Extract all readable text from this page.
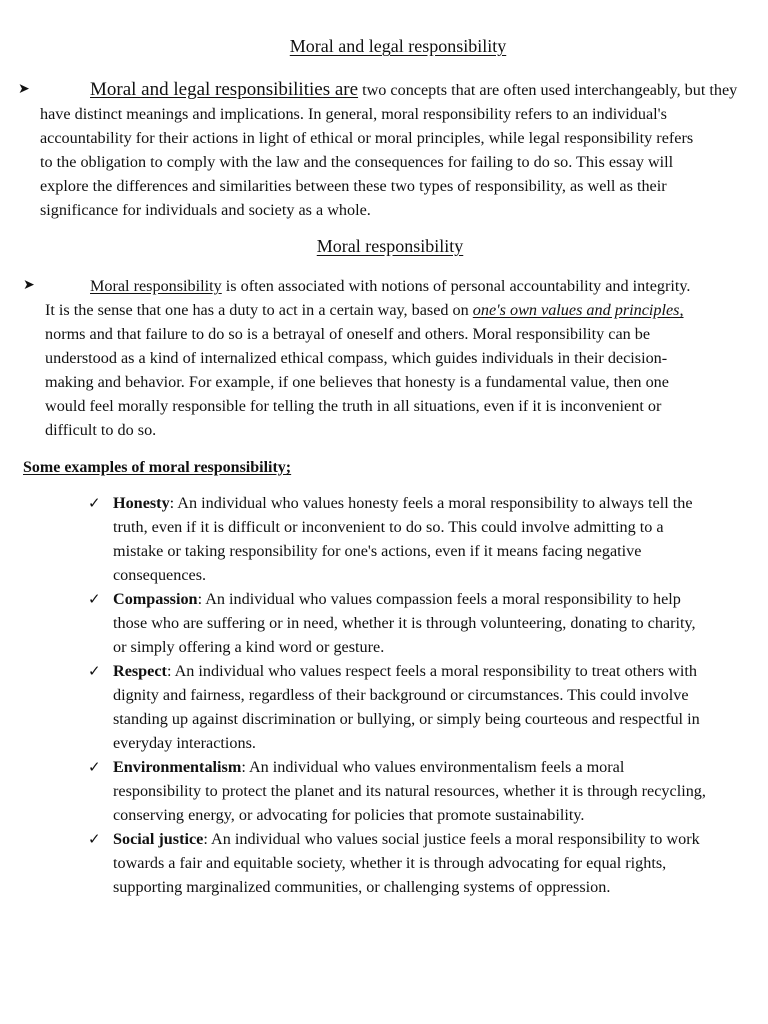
Moral and legal responsibility
➤	Moral and legal responsibilities are two concepts that are often used interchangeably, but they
have distinct meanings and implications. In general, moral responsibility refers to an individual's
accountability for their actions in light of ethical or moral principles, while legal responsibility refers
to the obligation to comply with the law and the consequences for failing to do so. This essay will
explore the differences and similarities between these two types of responsibility, as well as their
significance for individuals and society as a whole.

Moral responsibility
➤	Moral responsibility is often associated with notions of personal accountability and integrity.
It is the sense that one has a duty to act in a certain way, based on one's own values and principles,
norms and that failure to do so is a betrayal of oneself and others. Moral responsibility can be
understood as a kind of internalized ethical compass, which guides individuals in their decision-
making and behavior. For example, if one believes that honesty is a fundamental value, then one
would feel morally responsible for telling the truth in all situations, even if it is inconvenient or
difficult to do so.

Some examples of moral responsibility;
✓ Honesty: An individual who values honesty feels a moral responsibility to always tell the
truth, even if it is difficult or inconvenient to do so. This could involve admitting to a
mistake or taking responsibility for one's actions, even if it means facing negative
consequences.
✓ Compassion: An individual who values compassion feels a moral responsibility to help
those who are suffering or in need, whether it is through volunteering, donating to charity,
or simply offering a kind word or gesture.
✓ Respect: An individual who values respect feels a moral responsibility to treat others with
dignity and fairness, regardless of their background or circumstances. This could involve
standing up against discrimination or bullying, or simply being courteous and respectful in
everyday interactions.
✓ Environmentalism: An individual who values environmentalism feels a moral
responsibility to protect the planet and its natural resources, whether it is through recycling,
conserving energy, or advocating for policies that promote sustainability.
✓ Social justice: An individual who values social justice feels a moral responsibility to work
towards a fair and equitable society, whether it is through advocating for equal rights,
supporting marginalized communities, or challenging systems of oppression.
